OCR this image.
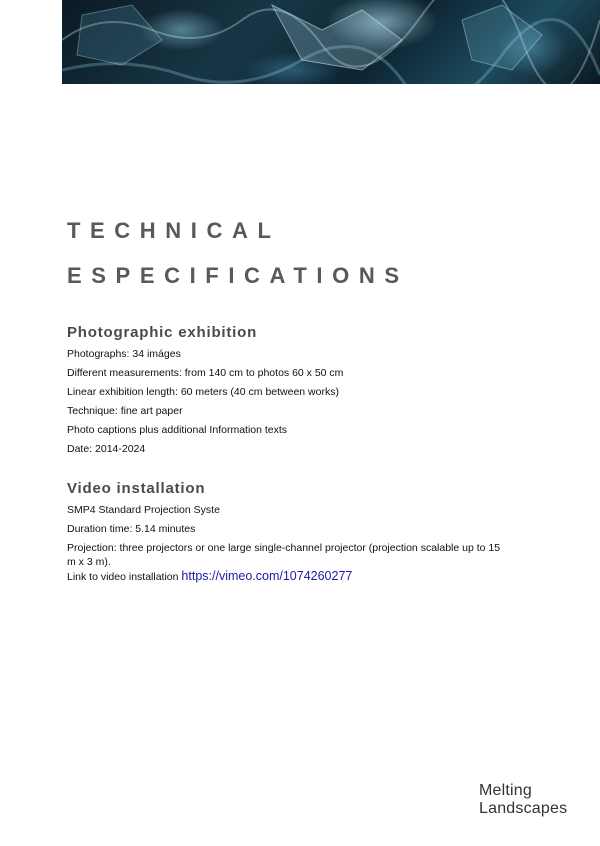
TECHNICAL
ESPECIFICATIONS
Photographic exhibition

Photographs: 34 imáges

Different measurements: from 140 cm to photos 60 x 50 cm

Linear exhibition length: 60 meters (40 cm between works)

Technique: fine art paper

Photo captions plus additional Information texts

Date: 2014-2024

Video installation

SMP4 Standard Projection Syste

Duration time: 5.14 minutes

Projection: three projectors or one large single-channel projector (projection scalable up to 15 m x 3 m).

Link to video installation https://vimeo.com/1074260277

Melting
Landscapes
